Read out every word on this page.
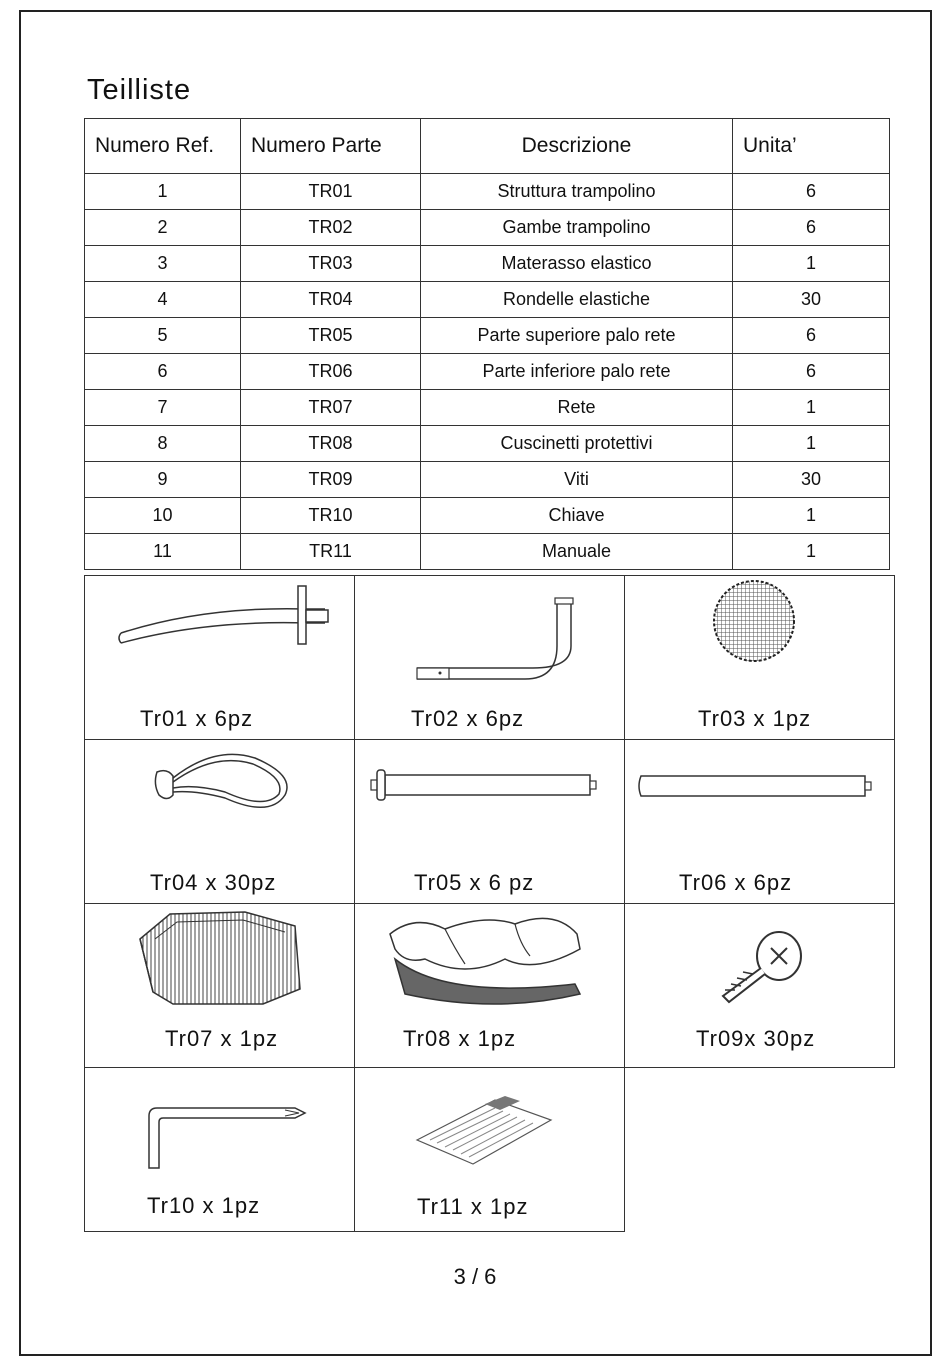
Teilliste
Numero Ref.	Numero Parte	Descrizione	Unita’
1	TR01	Struttura trampolino	6
2	TR02	Gambe trampolino	6
3	TR03	Materasso elastico	1
4	TR04	Rondelle elastiche	30
5	TR05	Parte superiore palo rete	6
6	TR06	Parte inferiore palo rete	6
7	TR07	Rete	1
8	TR08	Cuscinetti protettivi	1
9	TR09	Viti	30
10	TR10	Chiave	1
11	TR11	Manuale	1
Tr01 x 6pz	Tr02 x 6pz	Tr03 x 1pz
Tr04 x 30pz	Tr05 x 6 pz	Tr06 x 6pz
Tr07 x 1pz	Tr08 x 1pz	Tr09x 30pz
Tr10 x 1pz	Tr11 x 1pz
3 / 6
